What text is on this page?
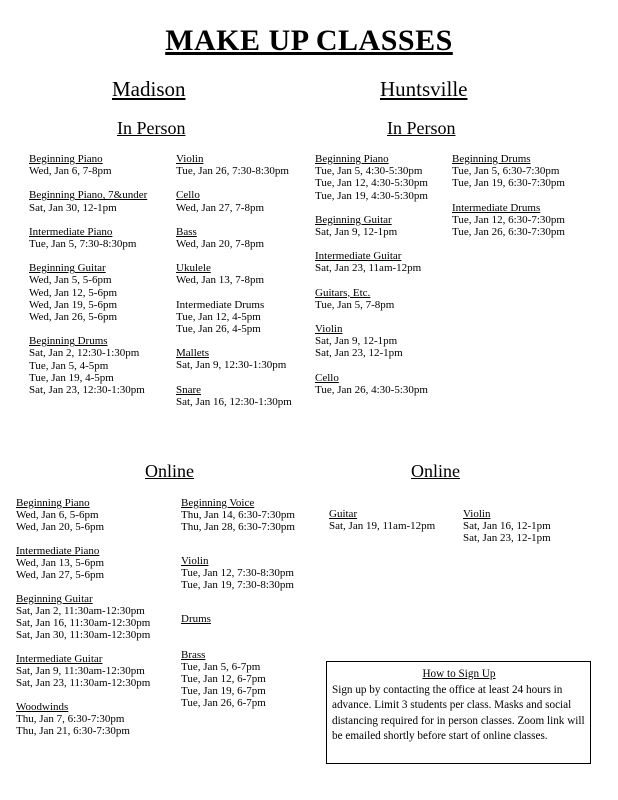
MAKE UP CLASSES
Madison	Huntsville
In Person	In Person
Beginning Piano
Wed, Jan 6, 7-8pm
Beginning Piano, 7&under
Sat, Jan 30, 12-1pm
Intermediate Piano
Tue, Jan 5, 7:30-8:30pm
Beginning Guitar
Wed, Jan 5, 5-6pm
Wed, Jan 12, 5-6pm
Wed, Jan 19, 5-6pm
Wed, Jan 26, 5-6pm
Beginning Drums
Sat, Jan 2, 12:30-1:30pm
Tue, Jan 5, 4-5pm
Tue, Jan 19, 4-5pm
Sat, Jan 23, 12:30-1:30pm
Violin
Tue, Jan 26, 7:30-8:30pm
Cello
Wed, Jan 27, 7-8pm
Bass
Wed, Jan 20, 7-8pm
Ukulele
Wed, Jan 13, 7-8pm
Intermediate Drums
Tue, Jan 12, 4-5pm
Tue, Jan 26, 4-5pm
Mallets
Sat, Jan 9, 12:30-1:30pm
Snare
Sat, Jan 16, 12:30-1:30pm
Beginning Piano
Tue, Jan 5, 4:30-5:30pm
Tue, Jan 12, 4:30-5:30pm
Tue, Jan 19, 4:30-5:30pm
Beginning Guitar
Sat, Jan 9, 12-1pm
Intermediate Guitar
Sat, Jan 23, 11am-12pm
Guitars, Etc.
Tue, Jan 5, 7-8pm
Violin
Sat, Jan 9, 12-1pm
Sat, Jan 23, 12-1pm
Cello
Tue, Jan 26, 4:30-5:30pm
Beginning Drums
Tue, Jan 5, 6:30-7:30pm
Tue, Jan 19, 6:30-7:30pm
Intermediate Drums
Tue, Jan 12, 6:30-7:30pm
Tue, Jan 26, 6:30-7:30pm
Online	Online
Beginning Piano
Wed, Jan 6, 5-6pm
Wed, Jan 20, 5-6pm
Intermediate Piano
Wed, Jan 13, 5-6pm
Wed, Jan 27, 5-6pm
Beginning Guitar
Sat, Jan 2, 11:30am-12:30pm
Sat, Jan 16, 11:30am-12:30pm
Sat, Jan 30, 11:30am-12:30pm
Intermediate Guitar
Sat, Jan 9, 11:30am-12:30pm
Sat, Jan 23, 11:30am-12:30pm
Woodwinds
Thu, Jan 7, 6:30-7:30pm
Thu, Jan 21, 6:30-7:30pm
Beginning Voice
Thu, Jan 14, 6:30-7:30pm
Thu, Jan 28, 6:30-7:30pm
Violin
Tue, Jan 12, 7:30-8:30pm
Tue, Jan 19, 7:30-8:30pm
Drums
Brass
Tue, Jan 5, 6-7pm
Tue, Jan 12, 6-7pm
Tue, Jan 19, 6-7pm
Tue, Jan 26, 6-7pm
Guitar
Sat, Jan 19, 11am-12pm
Violin
Sat, Jan 16, 12-1pm
Sat, Jan 23, 12-1pm
How to Sign Up
Sign up by contacting the office at least 24 hours in advance. Limit 3 students per class. Masks and social distancing required for in person classes. Zoom link will be emailed shortly before start of online classes.
